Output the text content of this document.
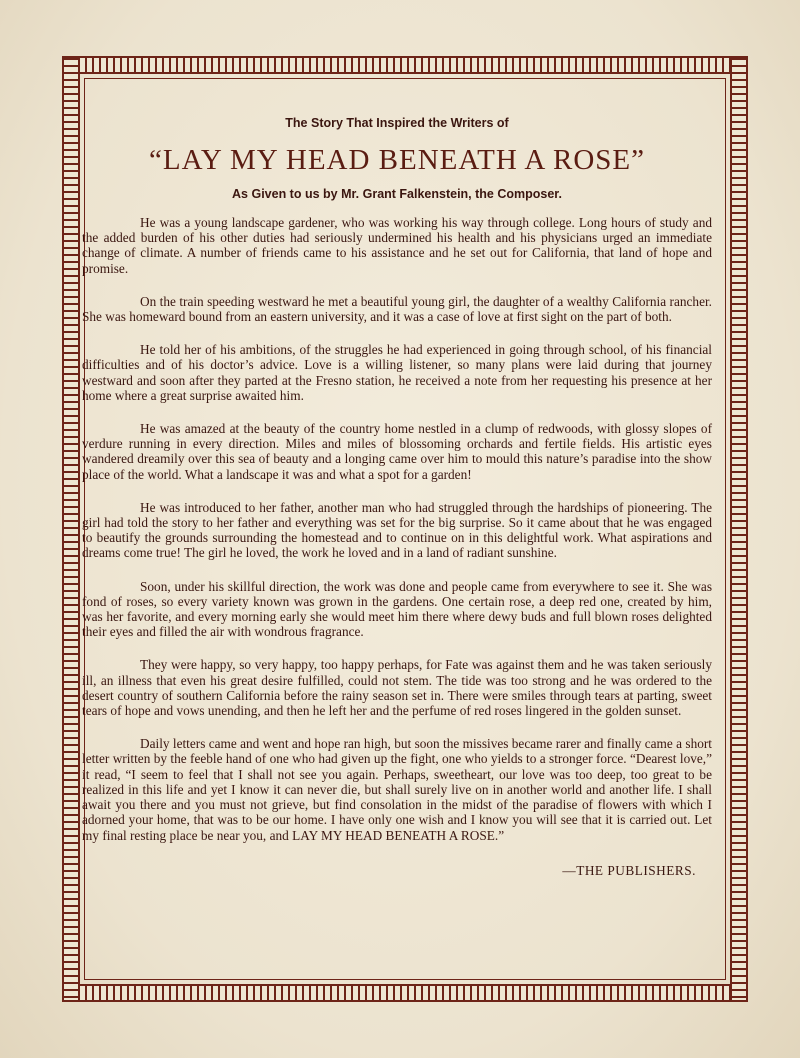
The Story That Inspired the Writers of

“LAY MY HEAD BENEATH A ROSE”

As Given to us by Mr. Grant Falkenstein, the Composer.

He was a young landscape gardener, who was working his way through college. Long hours of study and the added burden of his other duties had seriously undermined his health and his physicians urged an immediate change of climate. A number of friends came to his assistance and he set out for California, that land of hope and promise.

On the train speeding westward he met a beautiful young girl, the daughter of a wealthy California rancher. She was homeward bound from an eastern university, and it was a case of love at first sight on the part of both.

He told her of his ambitions, of the struggles he had experienced in going through school, of his financial difficulties and of his doctor’s advice. Love is a willing listener, so many plans were laid during that journey westward and soon after they parted at the Fresno station, he received a note from her requesting his presence at her home where a great surprise awaited him.

He was amazed at the beauty of the country home nestled in a clump of redwoods, with glossy slopes of verdure running in every direction. Miles and miles of blossoming orchards and fertile fields. His artistic eyes wandered dreamily over this sea of beauty and a longing came over him to mould this nature’s paradise into the show place of the world. What a landscape it was and what a spot for a garden!

He was introduced to her father, another man who had struggled through the hardships of pioneering. The girl had told the story to her father and everything was set for the big surprise. So it came about that he was engaged to beautify the grounds surrounding the homestead and to continue on in this delightful work. What aspirations and dreams come true! The girl he loved, the work he loved and in a land of radiant sunshine.

Soon, under his skillful direction, the work was done and people came from everywhere to see it. She was fond of roses, so every variety known was grown in the gardens. One certain rose, a deep red one, created by him, was her favorite, and every morning early she would meet him there where dewy buds and full blown roses delighted their eyes and filled the air with wondrous fragrance.

They were happy, so very happy, too happy perhaps, for Fate was against them and he was taken seriously ill, an illness that even his great desire fulfilled, could not stem. The tide was too strong and he was ordered to the desert country of southern California before the rainy season set in. There were smiles through tears at parting, sweet tears of hope and vows unending, and then he left her and the perfume of red roses lingered in the golden sunset.

Daily letters came and went and hope ran high, but soon the missives became rarer and finally came a short letter written by the feeble hand of one who had given up the fight, one who yields to a stronger force. “Dearest love,” it read, “I seem to feel that I shall not see you again. Perhaps, sweetheart, our love was too deep, too great to be realized in this life and yet I know it can never die, but shall surely live on in another world and another life. I shall await you there and you must not grieve, but find consolation in the midst of the paradise of flowers with which I adorned your home, that was to be our home. I have only one wish and I know you will see that it is carried out. Let my final resting place be near you, and LAY MY HEAD BENEATH A ROSE.”

—THE PUBLISHERS.
